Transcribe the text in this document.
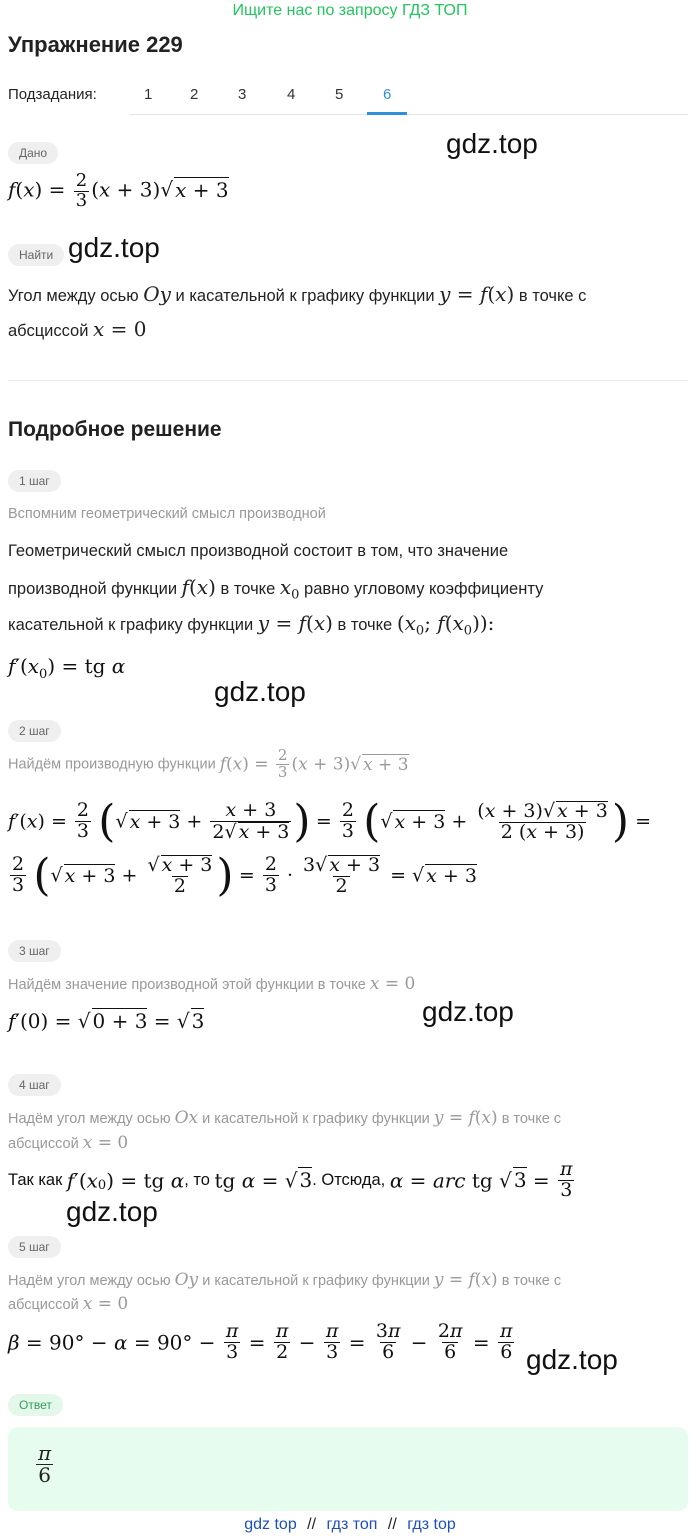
Ищите нас по запросу ГДЗ ТОП
Упражнение 229
Подзадания:	1	2	3	4	5	6
gdz.top
gdz.top
gdz.top
gdz.top
gdz.top
gdz.top
Дано
$f(x) = \frac{2}{3} (x + 3)√$ x + 3
Найти
Угол между осью Oy и касательной к графику функции y = f(x) в точке с
абсциссой x = 0
Подробное решение
1 шаг
Вспомним геометрический смысл производной
Геометрический смысл производной состоит в том, что значение
производной функции f(x) в точке $x_0$ равно угловому коэффициенту
касательной к графику функции y = f(x) в точке ($x_0$; $f(x_0)$):
$f'(x_0)$ = tg α
2 шаг
Найдём производную функции $f(x) = \frac{2}{3} (x + 3)√$ x + 3
$f'(x) = \frac{2}{3}$ (√ $x + 3 + \frac{x + 3}{2√ x + 3}$ ) = $\frac{2}{3}$ (√ $x + 3 + \frac{(x + 3)√ x + 3}{2 (x + 3)}$ ) =
$\frac{2}{3}$ (√ $x + 3 + \frac{√ x + 3}{2}$ ) = $\frac{2}{3} \cdot \frac{3√ x + 3}{2}$ = √ x + 3
3 шаг
Найдём значение производной этой функции в точке x = 0
f′(0) = √ 0 + 3 = √ 3
4 шаг
Надём угол между осью Ox и касательной к графику функции y = f(x) в точке с
абсциссой x = 0
Так как $f'(x_0)$ = tg α, то tg α = √ 3. Отсюда, α = arc tg √ $3 = \frac{\pi}{3}$
5 шаг
Надём угол между осью Oy и касательной к графику функции y = f(x) в точке с
абсциссой x = 0
$\beta = 90^\circ - \alpha = 90^\circ - \frac{\pi}{3} = \frac{\pi}{2} - \frac{\pi}{3} = \frac{3\pi}{6} - \frac{2\pi}{6} = \frac{\pi}{6}$
Ответ
$\frac{\pi}{6}$
gdz top // гдз топ // гдз top
